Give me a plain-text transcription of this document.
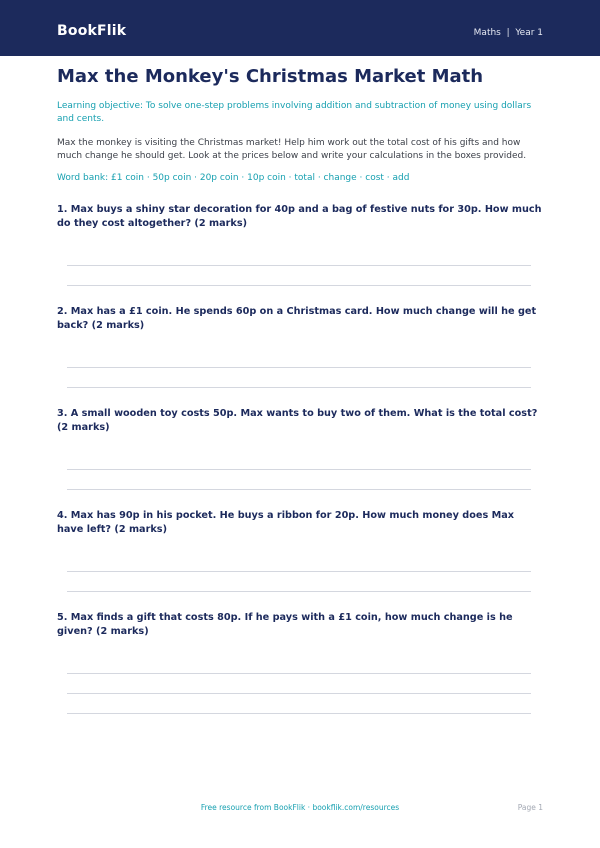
BookFlik	Maths  |  Year 1
Max the Monkey's Christmas Market Math
Learning objective: To solve one-step problems involving addition and subtraction of money using dollars and cents.
Max the monkey is visiting the Christmas market! Help him work out the total cost of his gifts and how much change he should get. Look at the prices below and write your calculations in the boxes provided.
Word bank: £1 coin · 50p coin · 20p coin · 10p coin · total · change · cost · add
1. Max buys a shiny star decoration for 40p and a bag of festive nuts for 30p. How much do they cost altogether? (2 marks)
2. Max has a £1 coin. He spends 60p on a Christmas card. How much change will he get back? (2 marks)
3. A small wooden toy costs 50p. Max wants to buy two of them. What is the total cost? (2 marks)
4. Max has 90p in his pocket. He buys a ribbon for 20p. How much money does Max have left? (2 marks)
5. Max finds a gift that costs 80p. If he pays with a £1 coin, how much change is he given? (2 marks)
Free resource from BookFlik · bookflik.com/resources	Page 1
